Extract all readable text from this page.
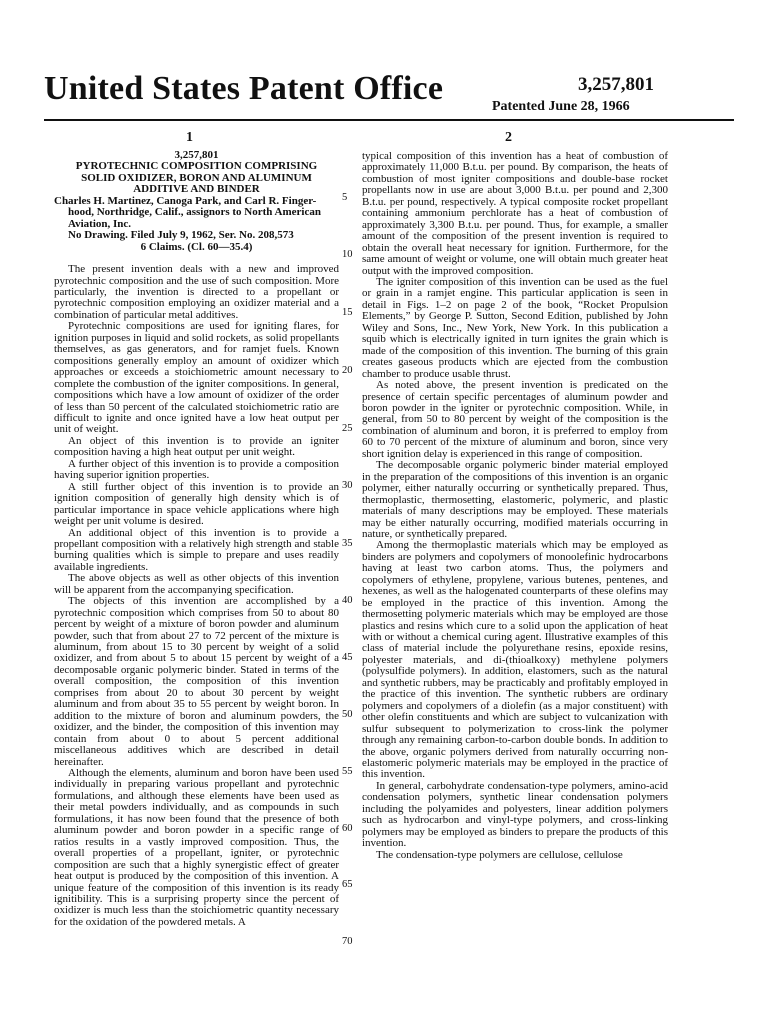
United States Patent Office	3,257,801
Patented June 28, 1966
1	2
3,257,801
PYROTECHNIC COMPOSITION COMPRISING
SOLID OXIDIZER, BORON AND ALUMINUM
ADDITIVE AND BINDER
Charles H. Martinez, Canoga Park, and Carl R. Finger-
hood, Northridge, Calif., assignors to North American
Aviation, Inc.
No Drawing. Filed July 9, 1962, Ser. No. 208,573
6 Claims. (Cl. 60—35.4)

The present invention deals with a new and improved pyrotechnic composition and the use of such composition. More particularly, the invention is directed to a propellant or pyrotechnic composition employing an oxidizer material and a combination of particular metal additives.

Pyrotechnic compositions are used for igniting flares, for ignition purposes in liquid and solid rockets, as solid propellants themselves, as gas generators, and for ramjet fuels. Known compositions generally employ an amount of oxidizer which approaches or exceeds a stoichiometric amount necessary to complete the combustion of the igniter compositions. In general, compositions which have a low amount of oxidizer of the order of less than 50 percent of the calculated stoichiometric ratio are difficult to ignite and once ignited have a low heat output per unit of weight.

An object of this invention is to provide an igniter composition having a high heat output per unit weight.

A further object of this invention is to provide a composition having superior ignition properties.

A still further object of this invention is to provide an ignition composition of generally high density which is of particular importance in space vehicle applications where high weight per unit volume is desired.

An additional object of this invention is to provide a propellant composition with a relatively high strength and stable burning qualities which is simple to prepare and uses readily available ingredients.

The above objects as well as other objects of this invention will be apparent from the accompanying specification.

The objects of this invention are accomplished by a pyrotechnic composition which comprises from 50 to about 80 percent by weight of a mixture of boron powder and aluminum powder, such that from about 27 to 72 percent of the mixture is aluminum, from about 15 to 30 percent by weight of a solid oxidizer, and from about 5 to about 15 percent by weight of a decomposable organic polymeric binder. Stated in terms of the overall composition, the composition of this invention comprises from about 20 to about 30 percent by weight aluminum and from about 35 to 55 percent by weight boron. In addition to the mixture of boron and aluminum powders, the oxidizer, and the binder, the composition of this invention may contain from about 0 to about 5 percent additional miscellaneous additives which are described in detail hereinafter.

Although the elements, aluminum and boron have been used individually in preparing various propellant and pyrotechnic formulations, and although these elements have been used as their metal powders individually, and as compounds in such formulations, it has now been found that the presence of both aluminum powder and boron powder in a specific range of ratios results in a vastly improved composition. Thus, the overall properties of a propellant, igniter, or pyrotechnic composition are such that a highly synergistic effect of greater heat output is produced by the composition of this invention. A unique feature of the composition of this invention is its ready ignitibility. This is a surprising property since the percent of oxidizer is much less than the stoichiometric quantity necessary for the oxidation of the powdered metals. A

5
10
15
20
25
30
35
40
45
50
55
60
65
70

typical composition of this invention has a heat of combustion of approximately 11,000 B.t.u. per pound. By comparison, the heats of combustion of most igniter compositions and double-base rocket propellants now in use are about 3,000 B.t.u. per pound and 2,300 B.t.u. per pound, respectively. A typical composite rocket propellant containing ammonium perchlorate has a heat of combustion of approximately 3,300 B.t.u. per pound. Thus, for example, a smaller amount of the composition of the present invention is required to obtain the overall heat necessary for ignition. Furthermore, for the same amount of weight or volume, one will obtain much greater heat output with the improved composition.

The igniter composition of this invention can be used as the fuel or grain in a ramjet engine. This particular application is seen in detail in Figs. 1–2 on page 2 of the book, “Rocket Propulsion Elements,” by George P. Sutton, Second Edition, published by John Wiley and Sons, Inc., New York, New York. In this publication a squib which is electrically ignited in turn ignites the grain which is made of the composition of this invention. The burning of this grain creates gaseous products which are ejected from the combustion chamber to produce usable thrust.

As noted above, the present invention is predicated on the presence of certain specific percentages of aluminum powder and boron powder in the igniter or pyrotechnic composition. While, in general, from 50 to 80 percent by weight of the composition is the combination of aluminum and boron, it is preferred to employ from 60 to 70 percent of the mixture of aluminum and boron, since very short ignition delay is experienced in this range of composition.

The decomposable organic polymeric binder material employed in the preparation of the compositions of this invention is an organic polymer, either naturally occurring or synthetically prepared. Thus, thermoplastic, thermosetting, elastomeric, polymeric, and plastic materials of many descriptions may be employed. These materials may be either naturally occurring, modified materials occurring in nature, or synthetically prepared.

Among the thermoplastic materials which may be employed as binders are polymers and copolymers of monoolefinic hydrocarbons having at least two carbon atoms. Thus, the polymers and copolymers of ethylene, propylene, various butenes, pentenes, and hexenes, as well as the halogenated counterparts of these olefins may be employed in the practice of this invention. Among the thermosetting polymeric materials which may be employed are those plastics and resins which cure to a solid upon the application of heat with or without a chemical curing agent. Illustrative examples of this class of material include the polyurethane resins, epoxide resins, polyester materials, and di-(thioalkoxy) methylene polymers (polysulfide polymers). In addition, elastomers, such as the natural and synthetic rubbers, may be practicably and profitably employed in the practice of this invention. The synthetic rubbers are ordinary polymers and copolymers of a diolefin (as a major constituent) with other olefin constituents and which are subject to vulcanization with sulfur subsequent to polymerization to cross-link the polymer through any remaining carbon-to-carbon double bonds. In addition to the above, organic polymers derived from naturally occurring non-elastomeric polymeric materials may be employed in the practice of this invention.

In general, carbohydrate condensation-type polymers, amino-acid condensation polymers, synthetic linear condensation polymers including the polyamides and polyesters, linear addition polymers such as hydrocarbon and vinyl-type polymers, and cross-linking polymers may be employed as binders to prepare the products of this invention.

The condensation-type polymers are cellulose, cellulose
